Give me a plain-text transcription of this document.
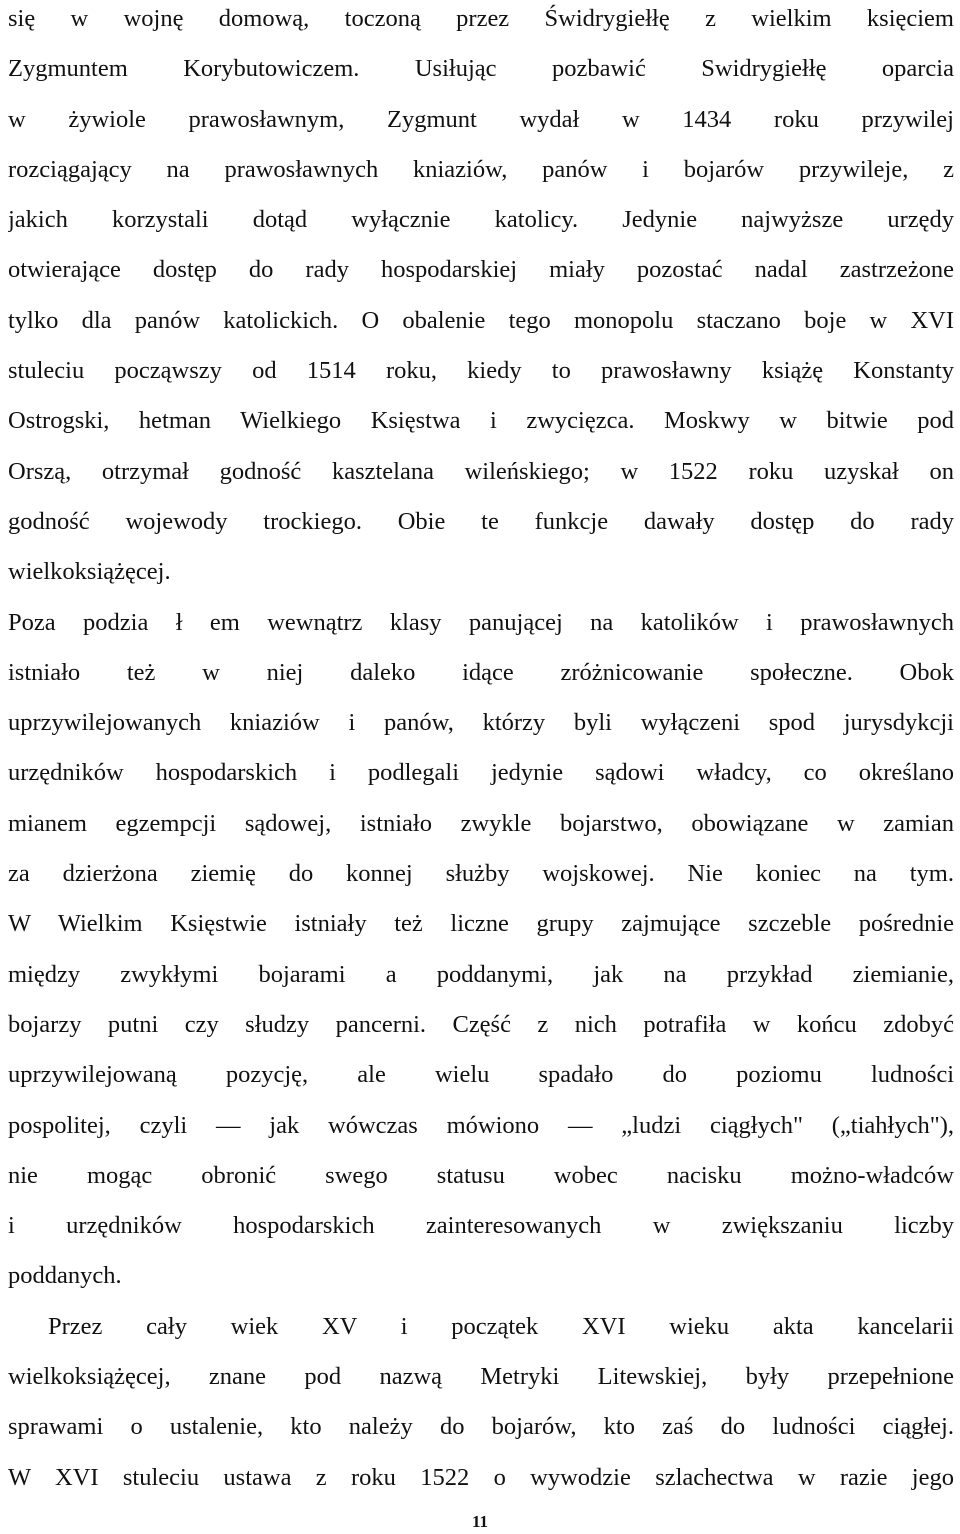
się w wojnę domową, toczoną przez Świdrygiełłę z wielkim księciem
Zygmuntem Korybutowiczem. Usiłując pozbawić Swidrygiełłę oparcia
w żywiole prawosławnym, Zygmunt wydał w 1434 roku przywilej
rozciągający na prawosławnych kniaziów, panów i bojarów przywileje, z
jakich korzystali dotąd wyłącznie katolicy. Jedynie najwyższe urzędy
otwierające dostęp do rady hospodarskiej miały pozostać nadal zastrzeżone
tylko dla panów katolickich. O obalenie tego monopolu staczano boje w XVI
stuleciu począwszy od 1514 roku, kiedy to prawosławny książę Konstanty
Ostrogski, hetman Wielkiego Księstwa i zwycięzca. Moskwy w bitwie pod
Orszą, otrzymał godność kasztelana wileńskiego; w 1522 roku uzyskał on
godność wojewody trockiego. Obie te funkcje dawały dostęp do rady
wielkoksiążęcej.
Poza podzia ł em wewnątrz klasy panującej na katolików i prawosławnych
istniało też w niej daleko idące zróżnicowanie społeczne. Obok
uprzywilejowanych kniaziów i panów, którzy byli wyłączeni spod jurysdykcji
urzędników hospodarskich i podlegali jedynie sądowi władcy, co określano
mianem egzempcji sądowej, istniało zwykle bojarstwo, obowiązane w zamian
za dzierżona ziemię do konnej służby wojskowej. Nie koniec na tym.
W Wielkim Księstwie istniały też liczne grupy zajmujące szczeble pośrednie
między zwykłymi bojarami a poddanymi, jak na przykład ziemianie,
bojarzy putni czy słudzy pancerni. Część z nich potrafiła w końcu zdobyć
uprzywilejowaną pozycję, ale wielu spadało do poziomu ludności
pospolitej, czyli — jak wówczas mówiono — „ludzi ciągłych" („tiahłych"),
nie mogąc obronić swego statusu wobec nacisku możno-władców
i urzędników hospodarskich zainteresowanych w zwiększaniu liczby
poddanych.
Przez cały wiek XV i początek XVI wieku akta kancelarii
wielkoksiążęcej, znane pod nazwą Metryki Litewskiej, były przepełnione
sprawami o ustalenie, kto należy do bojarów, kto zaś do ludności ciągłej.
W XVI stuleciu ustawa z roku 1522 o wywodzie szlachectwa w razie jego
11
